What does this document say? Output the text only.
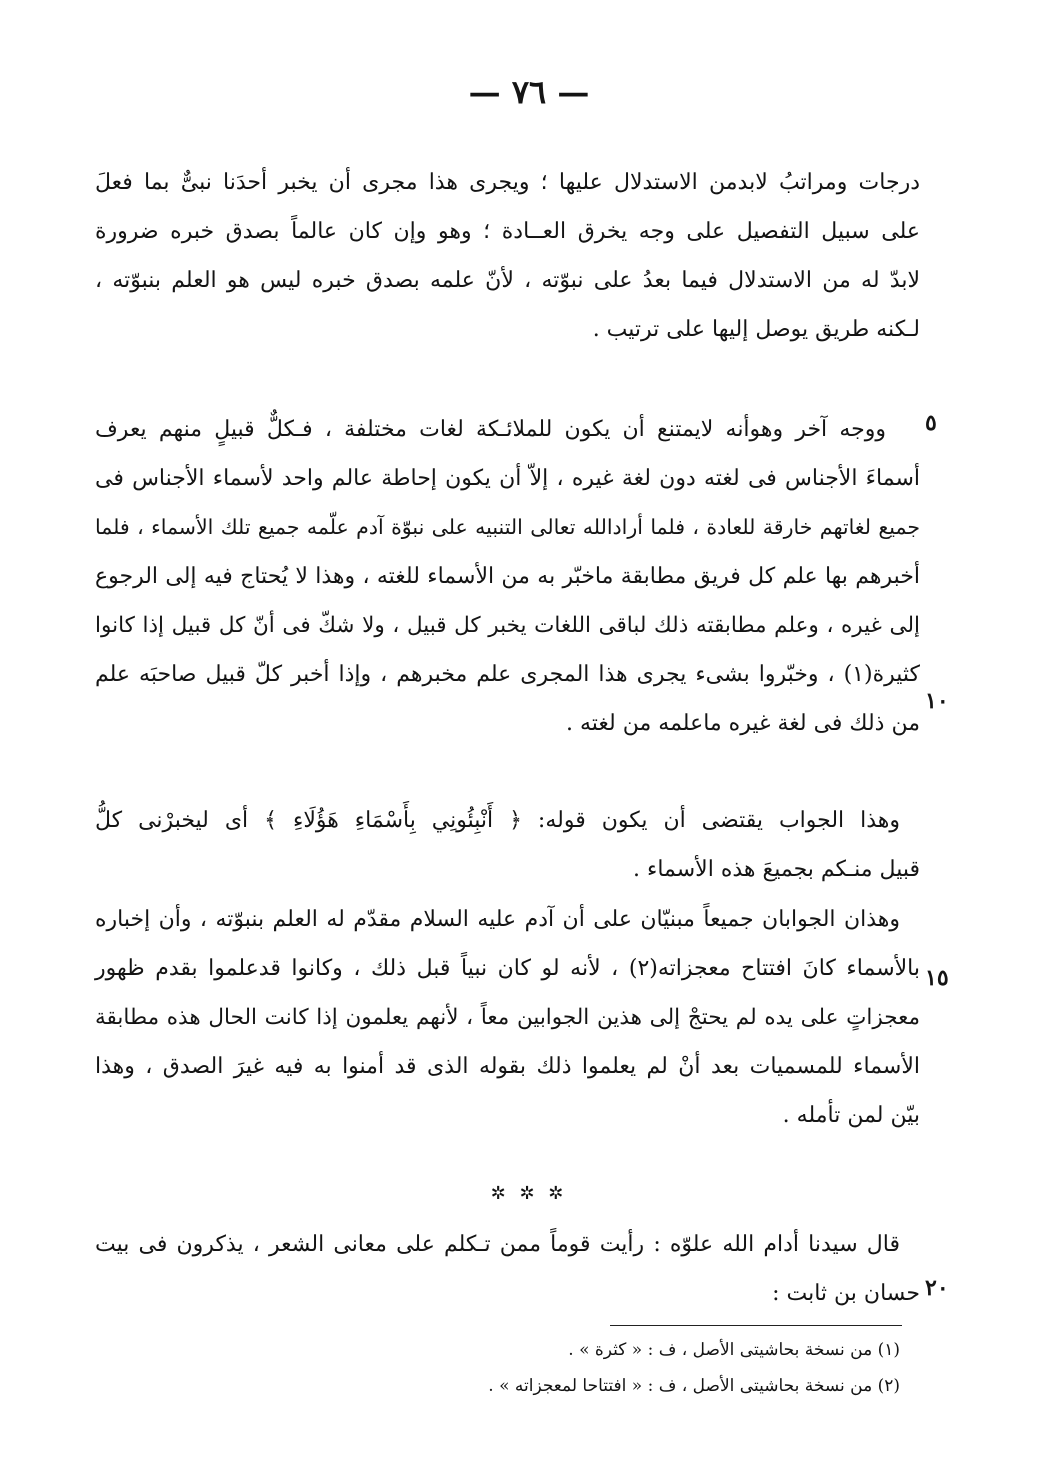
— ٧٦ —
درجات ومراتبُ لابدمن الاستدلال عليها ؛ ويجرى هذا مجرى أن يخبر أحدَنا نبىٌّ بما فعلَ
على سبيل التفصيل على وجه يخرق العــادة ؛ وهو وإن كان عالماً بصدق خبره ضرورة
لابدّ له من الاستدلال فيما بعدُ على نبوّته ، لأنّ علمه بصدق خبره ليس هو العلم بنبوّته ،
لـكنه طريق يوصل إليها على ترتيب .
ووجه آخر وهوأنه لايمتنع أن يكون للملائـكة لغات مختلفة ، فـكلٌّ قبيلٍ منهم يعرف
أسماءَ الأجناس فى لغته دون لغة غيره ، إلاّ أن يكون إحاطة عالم واحد لأسماء الأجناس فى
جميع لغاتهم خارقة للعادة ، فلما أرادالله تعالى التنبيه على نبوّة آدم علّمه جميع تلك الأسماء ، فلما
أخبرهم بها علم كل فريق مطابقة ماخبّر به من الأسماء للغته ، وهذا لا يُحتاج فيه إلى الرجوع
إلى غيره ، وعلم مطابقته ذلك لباقى اللغات يخبر كل قبيل ، ولا شكّ فى أنّ كل قبيل إذا كانوا
كثيرة(١) ، وخبّروا بشىء يجرى هذا المجرى علم مخبرهم ، وإذا أخبر كلّ قبيل صاحبَه علم
من ذلك فى لغة غيره ماعلمه من لغته .
وهذا الجواب يقتضى أن يكون قوله: ﴿ أَنْبِئُونِي بِأَسْمَاءِ هَؤُلَاءِ ﴾ أى ليخبرْنى كلُّ
قبيل منـكم بجميعَ هذه الأسماء .
وهذان الجوابان جميعاً مبنيّان على أن آدم عليه السلام مقدّم له العلم بنبوّته ، وأن إخباره
بالأسماء كانَ افتتاح معجزاته(٢) ، لأنه لو كان نبياً قبل ذلك ، وكانوا قدعلموا بقدم ظهور
معجزاتٍ على يده لم يحتجْ إلى هذين الجوابين معاً ، لأنهم يعلمون إذا كانت الحال هذه مطابقة
الأسماء للمسميات بعد أنْ لم يعلموا ذلك بقوله الذى قد أمنوا به فيه غيرَ الصدق ، وهذا
بيّن لمن تأمله .
✲ ✲ ✲
قال سيدنا أدام الله علوّه : رأيت قوماً ممن تـكلم على معانى الشعر ، يذكرون فى بيت
حسان بن ثابت :
٥
١٠
١٥
٢٠
(١) من نسخة بحاشيتى الأصل ، ف : « كثرة » .
(٢) من نسخة بحاشيتى الأصل ، ف : « افتتاحا لمعجزاته » .
